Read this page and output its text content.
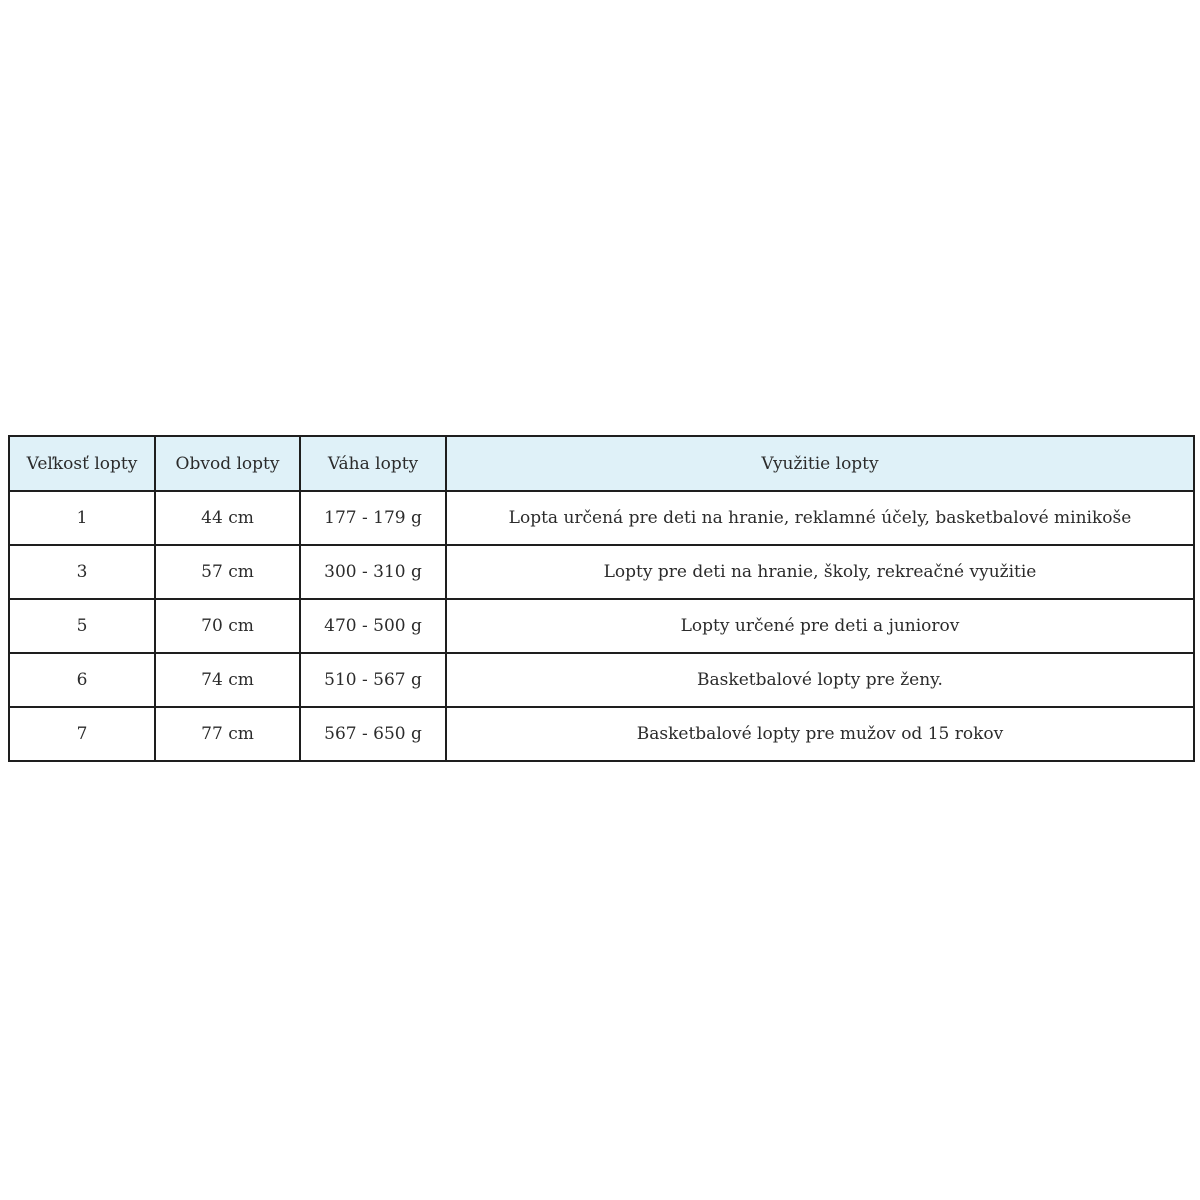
Veľkosť lopty	Obvod lopty	Váha lopty	Využitie lopty
1	44 cm	177 - 179 g	Lopta určená pre deti na hranie, reklamné účely, basketbalové minikoše
3	57 cm	300 - 310 g	Lopty pre deti na hranie, školy, rekreačné využitie
5	70 cm	470 - 500 g	Lopty určené pre deti a juniorov
6	74 cm	510 - 567 g	Basketbalové lopty pre ženy.
7	77 cm	567 - 650 g	Basketbalové lopty pre mužov od 15 rokov
